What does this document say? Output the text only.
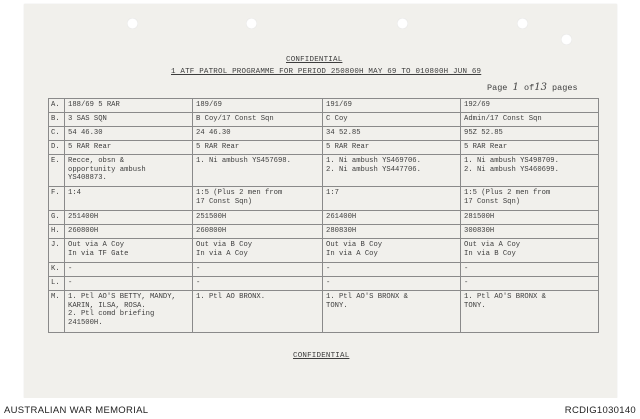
CONFIDENTIAL
1 ATF PATROL PROGRAMME FOR PERIOD 250800H MAY 69 TO 010800H JUN 69
Page 1 of13 pages
A.	188/69 5 RAR	189/69	191/69	192/69
B.	3 SAS SQN	B Coy/17 Const Sqn	C Coy	Admin/17 Const Sqn
C.	54 46.30	24 46.30	34 52.85	95Z 52.85
D.	5 RAR Rear	5 RAR Rear	5 RAR Rear	5 RAR Rear
E.	Recce, obsn &
opportunity ambush
YS408873.	1. Ni ambush YS457698.	1. Ni ambush YS469706.
2. Ni ambush YS447706.	1. Ni ambush YS498709.
2. Ni ambush YS460699.
F.	1:4	1:5 (Plus 2 men from
17 Const Sqn)	1:7	1:5 (Plus 2 men from
17 Const Sqn)
G.	251400H	251500H	261400H	281500H
H.	260800H	260800H	280830H	300830H
J.	Out via A Coy
In via TF Gate	Out via B Coy
In via A Coy	Out via B Coy
In via A Coy	Out via A Coy
In via B Coy
K.	-	-	-	-
L.	-	-	-	-
M.	1. Ptl AO'S BETTY, MANDY,
KARIN, ILSA, ROSA.
2. Ptl comd briefing
241500H.	1. Ptl AO BRONX.	1. Ptl AO'S BRONX &
TONY.	1. Ptl AO'S BRONX &
TONY.
CONFIDENTIAL
AUSTRALIAN WAR MEMORIAL	RCDIG1030140
